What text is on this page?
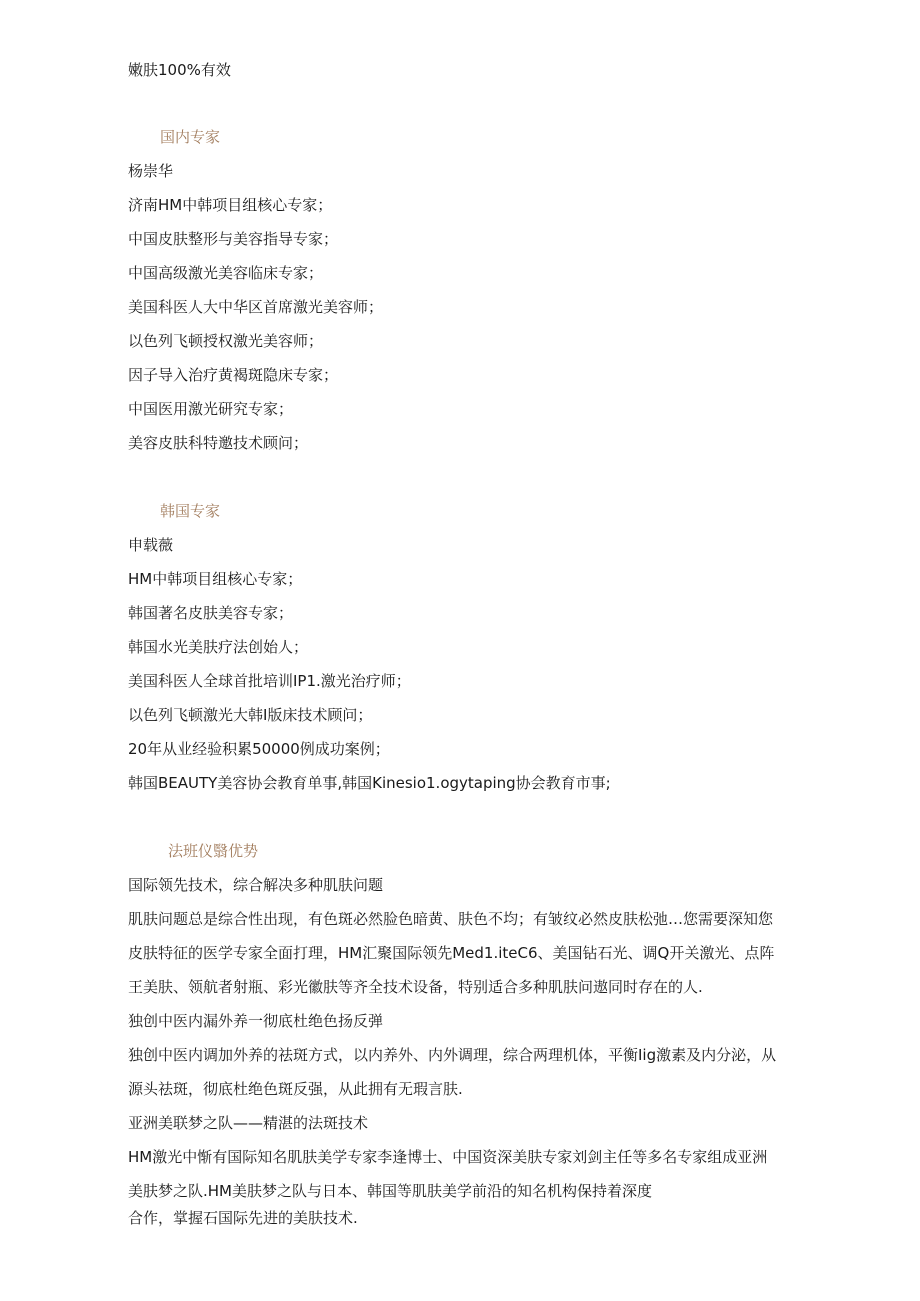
嫩肤100%有效
国内专家
杨崇华
济南HM中韩项目组核心专家；
中国皮肤整形与美容指导专家；
中国高级激光美容临床专家；
美国科医人大中华区首席激光美容师；
以色列飞顿授权激光美容师；
因子导入治疗黄褐斑隐床专家；
中国医用激光研究专家；
美容皮肤科特邀技术顾问；
韩国专家
申载薇
HM中韩项目组核心专家；
韩国著名皮肤美容专家；
韩国水光美肤疗法创始人；
美国科医人全球首批培训IP1.激光治疗师；
以色列飞顿激光大韩I版床技术顾问；
20年从业经验积累50000例成功案例；
韩国BEAUTY美容协会教育单事,韩国Kinesio1.ogytaping协会教育市事;
法班仪翳优势
国际领先技术，综合解决多种肌肤问题
肌肤问题总是综合性出现，有色斑必然脸色暗黄、肤色不均；有皱纹必然皮肤松弛…您需要深知您
皮肤特征的医学专家全面打理，HM汇聚国际领先Med1.iteC6、美国钻石光、调Q开关激光、点阵
王美肤、领航者射瓶、彩光徽肤等齐全技术设备，特别适合多种肌肤问遨同时存在的人.
独创中医内漏外养一彻底杜绝色扬反弹
独创中医内调加外养的祛斑方式，以内养外、内外调理，综合两理机体，平衡Iig激素及内分泌，从
源头祛斑，彻底杜绝色斑反强，从此拥有无瑕言肤.
亚洲美联梦之队——精湛的法斑技术
HM激光中惭有国际知名肌肤美学专家李逢博士、中国资深美肤专家刘剑主任等多名专家组成亚洲
美肤梦之队.HM美肤梦之队与日本、韩国等肌肤美学前沿的知名机构保持着深度
合作，掌握石国际先进的美肤技术.
